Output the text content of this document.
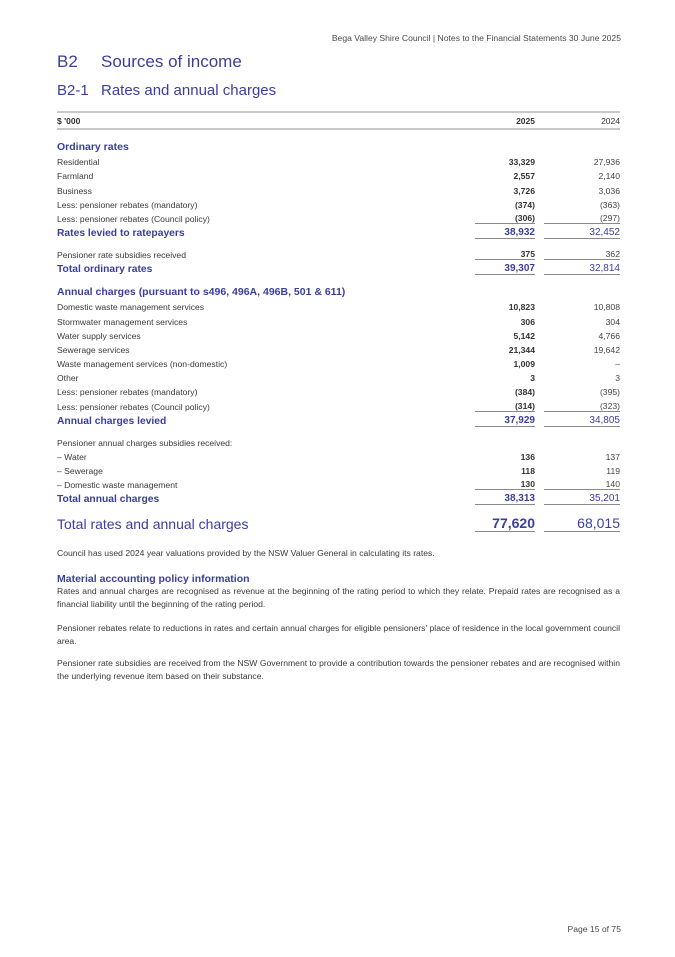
Bega Valley Shire Council | Notes to the Financial Statements 30 June 2025
B2 Sources of income
B2-1 Rates and annual charges
$ '000	2025	2024
Ordinary rates
Residential	33,329	27,936
Farmland	2,557	2,140
Business	3,726	3,036
Less: pensioner rebates (mandatory)	(374)	(363)
Less: pensioner rebates (Council policy)	(306)	(297)
Rates levied to ratepayers	38,932	32,452
Pensioner rate subsidies received	375	362
Total ordinary rates	39,307	32,814
Annual charges (pursuant to s496, 496A, 496B, 501 & 611)
Domestic waste management services	10,823	10,808
Stormwater management services	306	304
Water supply services	5,142	4,766
Sewerage services	21,344	19,642
Waste management services (non-domestic)	1,009	–
Other	3	3
Less: pensioner rebates (mandatory)	(384)	(395)
Less: pensioner rebates (Council policy)	(314)	(323)
Annual charges levied	37,929	34,805
Pensioner annual charges subsidies received:
– Water	136	137
– Sewerage	118	119
– Domestic waste management	130	140
Total annual charges	38,313	35,201
Total rates and annual charges	77,620	68,015
Council has used 2024 year valuations provided by the NSW Valuer General in calculating its rates.
Material accounting policy information
Rates and annual charges are recognised as revenue at the beginning of the rating period to which they relate. Prepaid rates are recognised as a financial liability until the beginning of the rating period.
Pensioner rebates relate to reductions in rates and certain annual charges for eligible pensioners' place of residence in the local government council area.
Pensioner rate subsidies are received from the NSW Government to provide a contribution towards the pensioner rebates and are recognised within the underlying revenue item based on their substance.
Page 15 of 75
